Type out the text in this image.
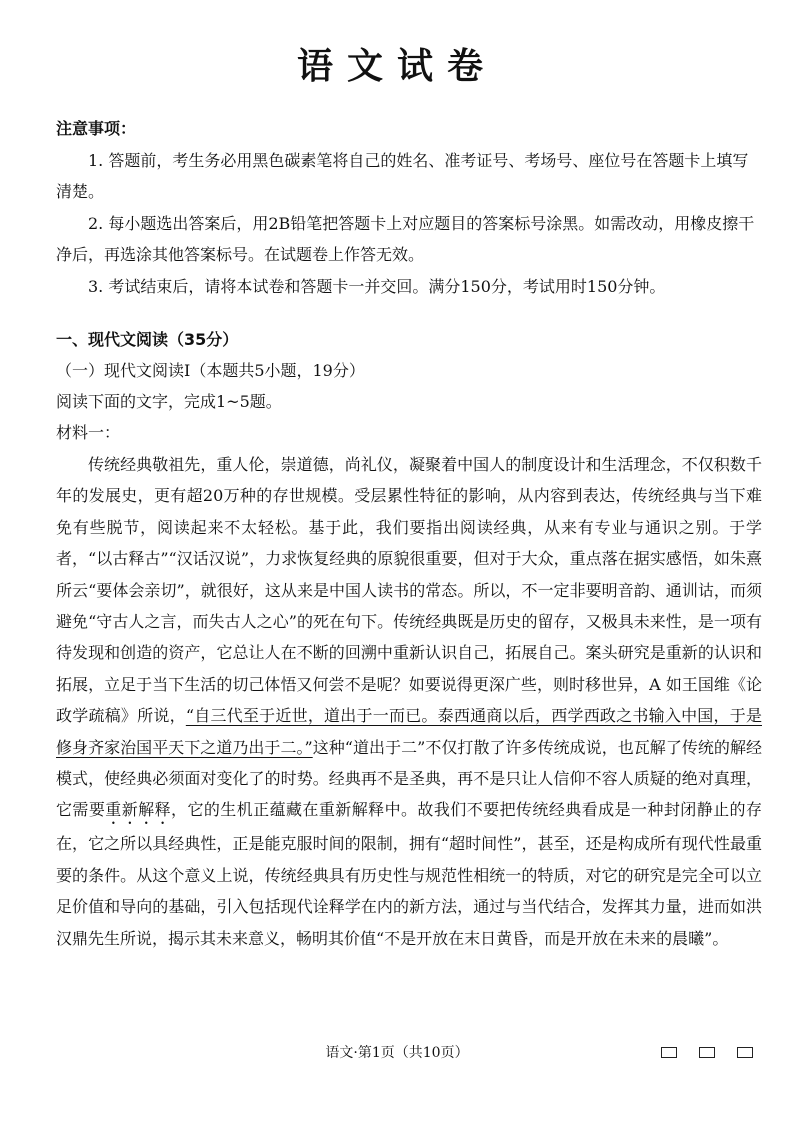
语文试卷
注意事项：

1. 答题前，考生务必用黑色碳素笔将自己的姓名、准考证号、考场号、座位号在答题卡上填写清楚。

2. 每小题选出答案后，用2B铅笔把答题卡上对应题目的答案标号涂黑。如需改动，用橡皮擦干净后，再选涂其他答案标号。在试题卷上作答无效。

3. 考试结束后，请将本试卷和答题卡一并交回。满分150分，考试用时150分钟。

一、现代文阅读（35分）
（一）现代文阅读Ⅰ（本题共5小题，19分）
阅读下面的文字，完成1~5题。
材料一：

传统经典敬祖先，重人伦，崇道德，尚礼仪，凝聚着中国人的制度设计和生活理念，不仅积数千年的发展史，更有超20万种的存世规模。受层累性特征的影响，从内容到表达，传统经典与当下难免有些脱节，阅读起来不太轻松。基于此，我们要指出阅读经典，从来有专业与通识之别。于学者，“以古释古”“汉话汉说”，力求恢复经典的原貌很重要，但对于大众，重点落在据实感悟，如朱熹所云“要体会亲切”，就很好，这从来是中国人读书的常态。所以，不一定非要明音韵、通训诂，而须避免“守古人之言，而失古人之心”的死在句下。传统经典既是历史的留存，又极具未来性，是一项有待发现和创造的资产，它总让人在不断的回溯中重新认识自己，拓展自己。案头研究是重新的认识和拓展，立足于当下生活的切己体悟又何尝不是呢？如要说得更深广些，则时移世异，A 如王国维《论政学疏稿》所说，“自三代至于近世，道出于一而已。泰西通商以后，西学西政之书输入中国，于是修身齐家治国平天下之道乃出于二。”这种“道出于二”不仅打散了许多传统成说，也瓦解了传统的解经模式，使经典必须面对变化了的时势。经典再不是圣典，再不是只让人信仰不容人质疑的绝对真理，它需要重新解释，它的生机正蕴藏在重新解释中。故我们不要把传统经典看成是一种封闭静止的存在，它之所以具经典性，正是能克服时间的限制，拥有“超时间性”，甚至，还是构成所有现代性最重要的条件。从这个意义上说，传统经典具有历史性与规范性相统一的特质，对它的研究是完全可以立足价值和导向的基础，引入包括现代诠释学在内的新方法，通过与当代结合，发挥其力量，进而如洪汉鼎先生所说，揭示其未来意义，畅明其价值“不是开放在末日黄昏，而是开放在未来的晨曦”。

语文·第1页（共10页）
